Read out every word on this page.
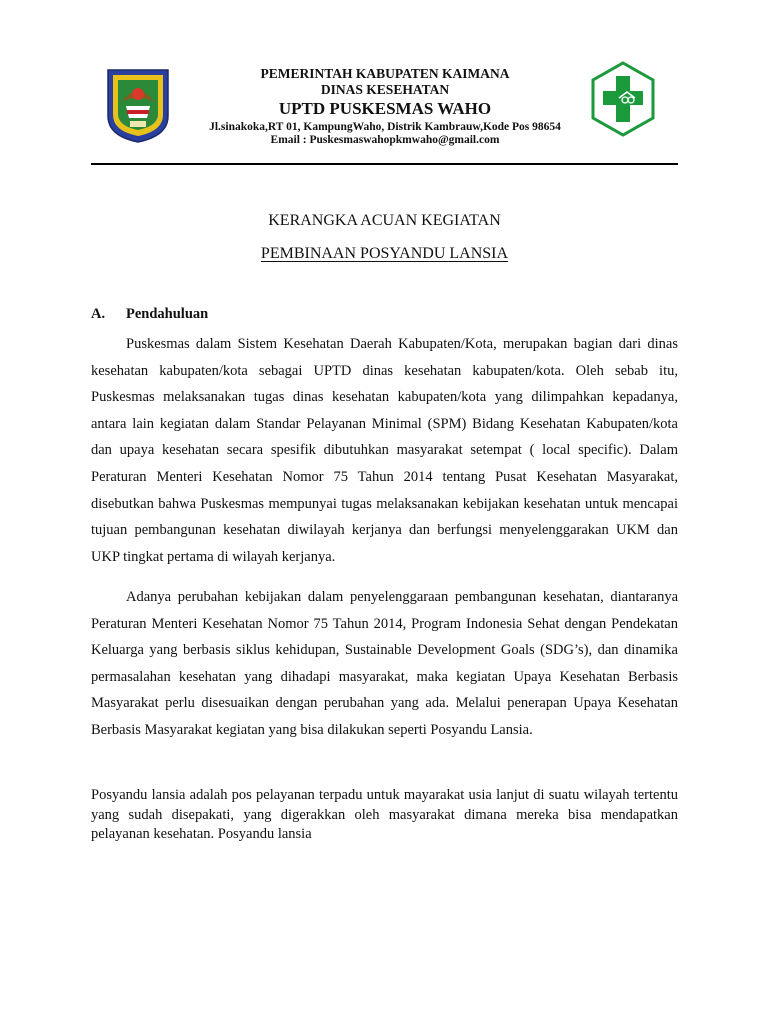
PEMERINTAH KABUPATEN KAIMANA
DINAS KESEHATAN
UPTD PUSKESMAS WAHO
Jl.sinakoka,RT 01, KampungWaho, Distrik Kambrauw,Kode Pos 98654
Email : Puskesmaswahopkmwaho@gmail.com
KERANGKA ACUAN KEGIATAN
PEMBINAAN POSYANDU LANSIA
A. Pendahuluan

Puskesmas dalam Sistem Kesehatan Daerah Kabupaten/Kota, merupakan bagian dari dinas kesehatan kabupaten/kota sebagai UPTD dinas kesehatan kabupaten/kota. Oleh sebab itu, Puskesmas melaksanakan tugas dinas kesehatan kabupaten/kota yang dilimpahkan kepadanya, antara lain kegiatan dalam Standar Pelayanan Minimal (SPM) Bidang Kesehatan Kabupaten/kota dan upaya kesehatan secara spesifik dibutuhkan masyarakat setempat ( local specific). Dalam Peraturan Menteri Kesehatan Nomor 75 Tahun 2014 tentang Pusat Kesehatan Masyarakat, disebutkan bahwa Puskesmas mempunyai tugas melaksanakan kebijakan kesehatan untuk mencapai tujuan pembangunan kesehatan diwilayah kerjanya dan berfungsi menyelenggarakan UKM dan UKP tingkat pertama di wilayah kerjanya.

Adanya perubahan kebijakan dalam penyelenggaraan pembangunan kesehatan, diantaranya Peraturan Menteri Kesehatan Nomor 75 Tahun 2014, Program Indonesia Sehat dengan Pendekatan Keluarga yang berbasis siklus kehidupan, Sustainable Development Goals (SDG’s), dan dinamika permasalahan kesehatan yang dihadapi masyarakat, maka kegiatan Upaya Kesehatan Berbasis Masyarakat perlu disesuaikan dengan perubahan yang ada. Melalui penerapan Upaya Kesehatan Berbasis Masyarakat kegiatan yang bisa dilakukan seperti Posyandu Lansia.

Posyandu lansia adalah pos pelayanan terpadu untuk mayarakat usia lanjut di suatu wilayah tertentu yang sudah disepakati, yang digerakkan oleh masyarakat dimana mereka bisa mendapatkan pelayanan kesehatan. Posyandu lansia
